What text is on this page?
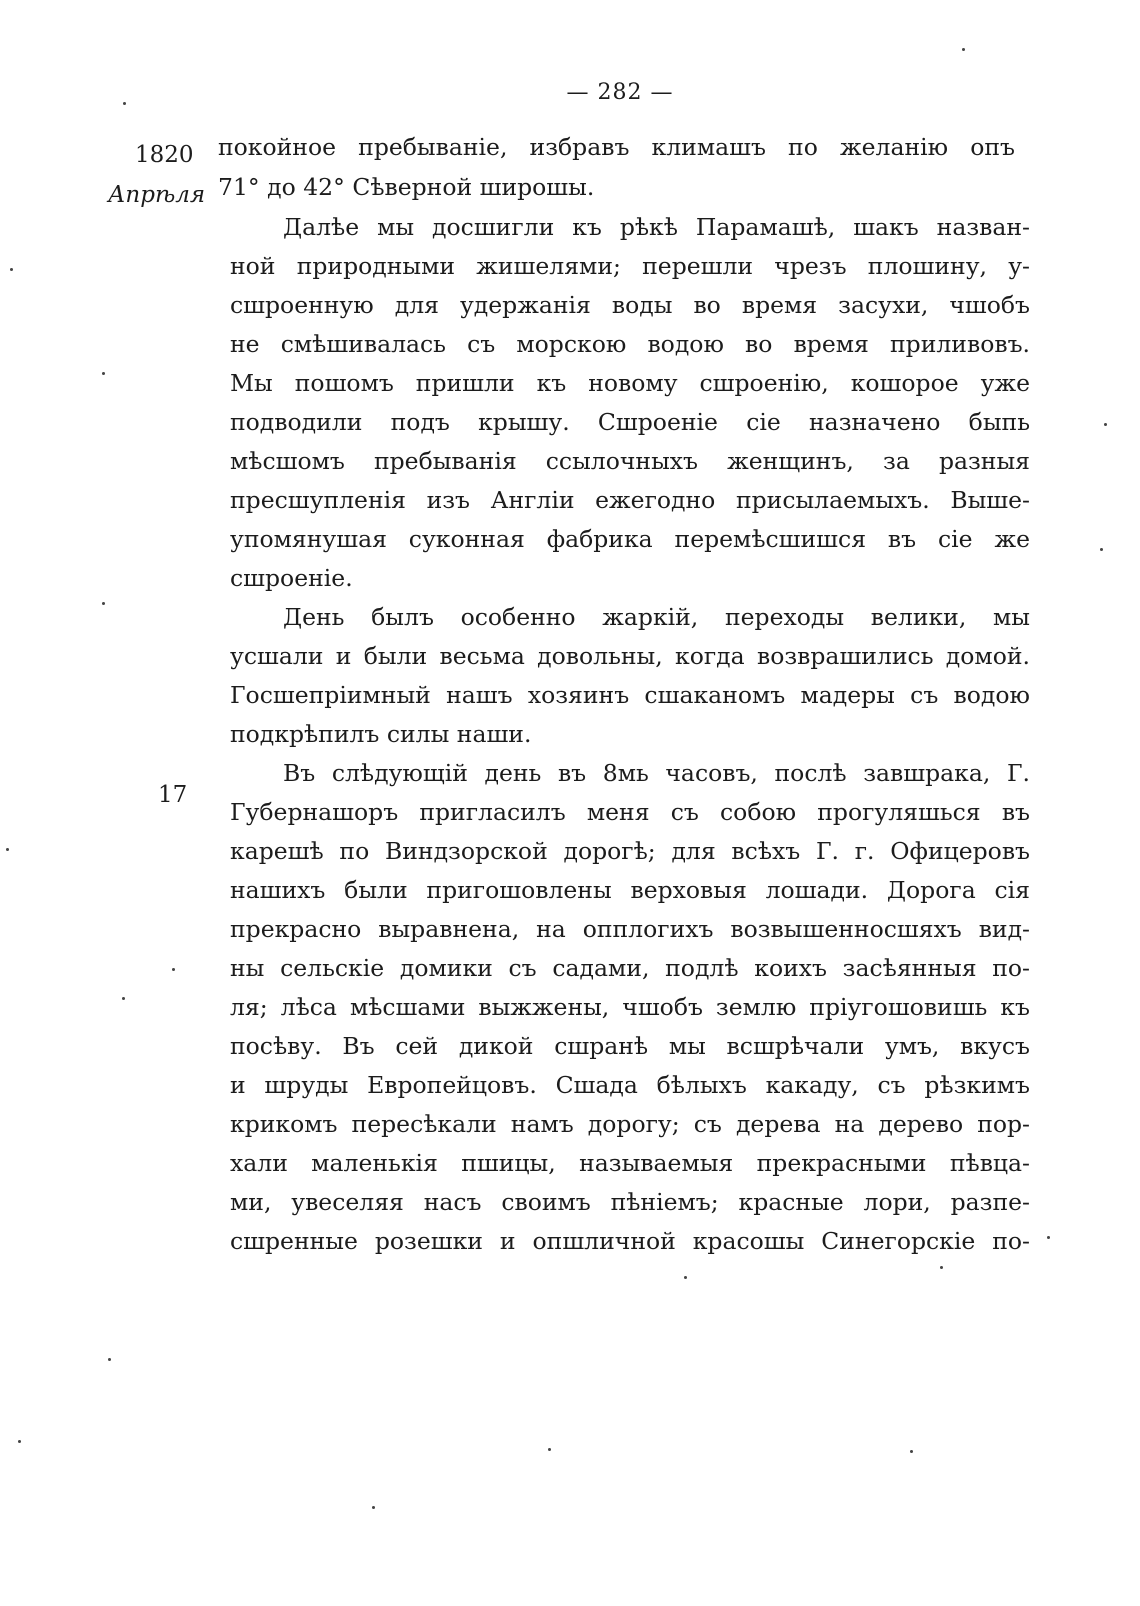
— 282 —
1820
Апрѣля
17
покойное пребываніе, избравъ климашъ по желанію опъ
71° до 42° Сѣверной широшы.
Далѣе мы досшигли къ рѣкѣ Парамашѣ, шакъ назван-
ной природными жишелями; перешли чрезъ плошину, у-
сшроенную для удержанія воды во время засухи, чшобъ
не смѣшивалась съ морскою водою во время приливовъ.
Мы пошомъ пришли къ новому сшроенію, кошорое уже
подводили подъ крышу. Сшроеніе сіе назначено быпь
мѣсшомъ пребыванія ссылочныхъ женщинъ, за разныя
пресшупленія изъ Англіи ежегодно присылаемыхъ. Выше-
упомянушая суконная фабрика перемѣсшишся въ сіе же
сшроеніе.
День былъ особенно жаркій, переходы велики, мы
усшали и были весьма довольны, когда возврашились домой.
Госшепріимный нашъ хозяинъ сшаканомъ мадеры съ водою
подкрѣпилъ силы наши.
Въ слѣдующій день въ 8мь часовъ, послѣ завшрака, Г.
Губернашоръ пригласилъ меня съ собою прогуляшься въ
карешѣ по Виндзорской дорогѣ; для всѣхъ Г. г. Офицеровъ
нашихъ были пригошовлены верховыя лошади. Дорога сія
прекрасно выравнена, на опплогихъ возвышенносшяхъ вид-
ны сельскіе домики съ садами, подлѣ коихъ засѣянныя по-
ля; лѣса мѣсшами выжжены, чшобъ землю пріугошовишь къ
посѣву. Въ сей дикой сшранѣ мы всшрѣчали умъ, вкусъ
и шруды Европейцовъ. Сшада бѣлыхъ какаду, съ рѣзкимъ
крикомъ пересѣкали намъ дорогу; съ дерева на дерево пор-
хали маленькія пшицы, называемыя прекрасными пѣвца-
ми, увеселяя насъ своимъ пѣніемъ; красные лори, разпе-
сшренные розешки и опшличной красошы Синегорскіе по-
